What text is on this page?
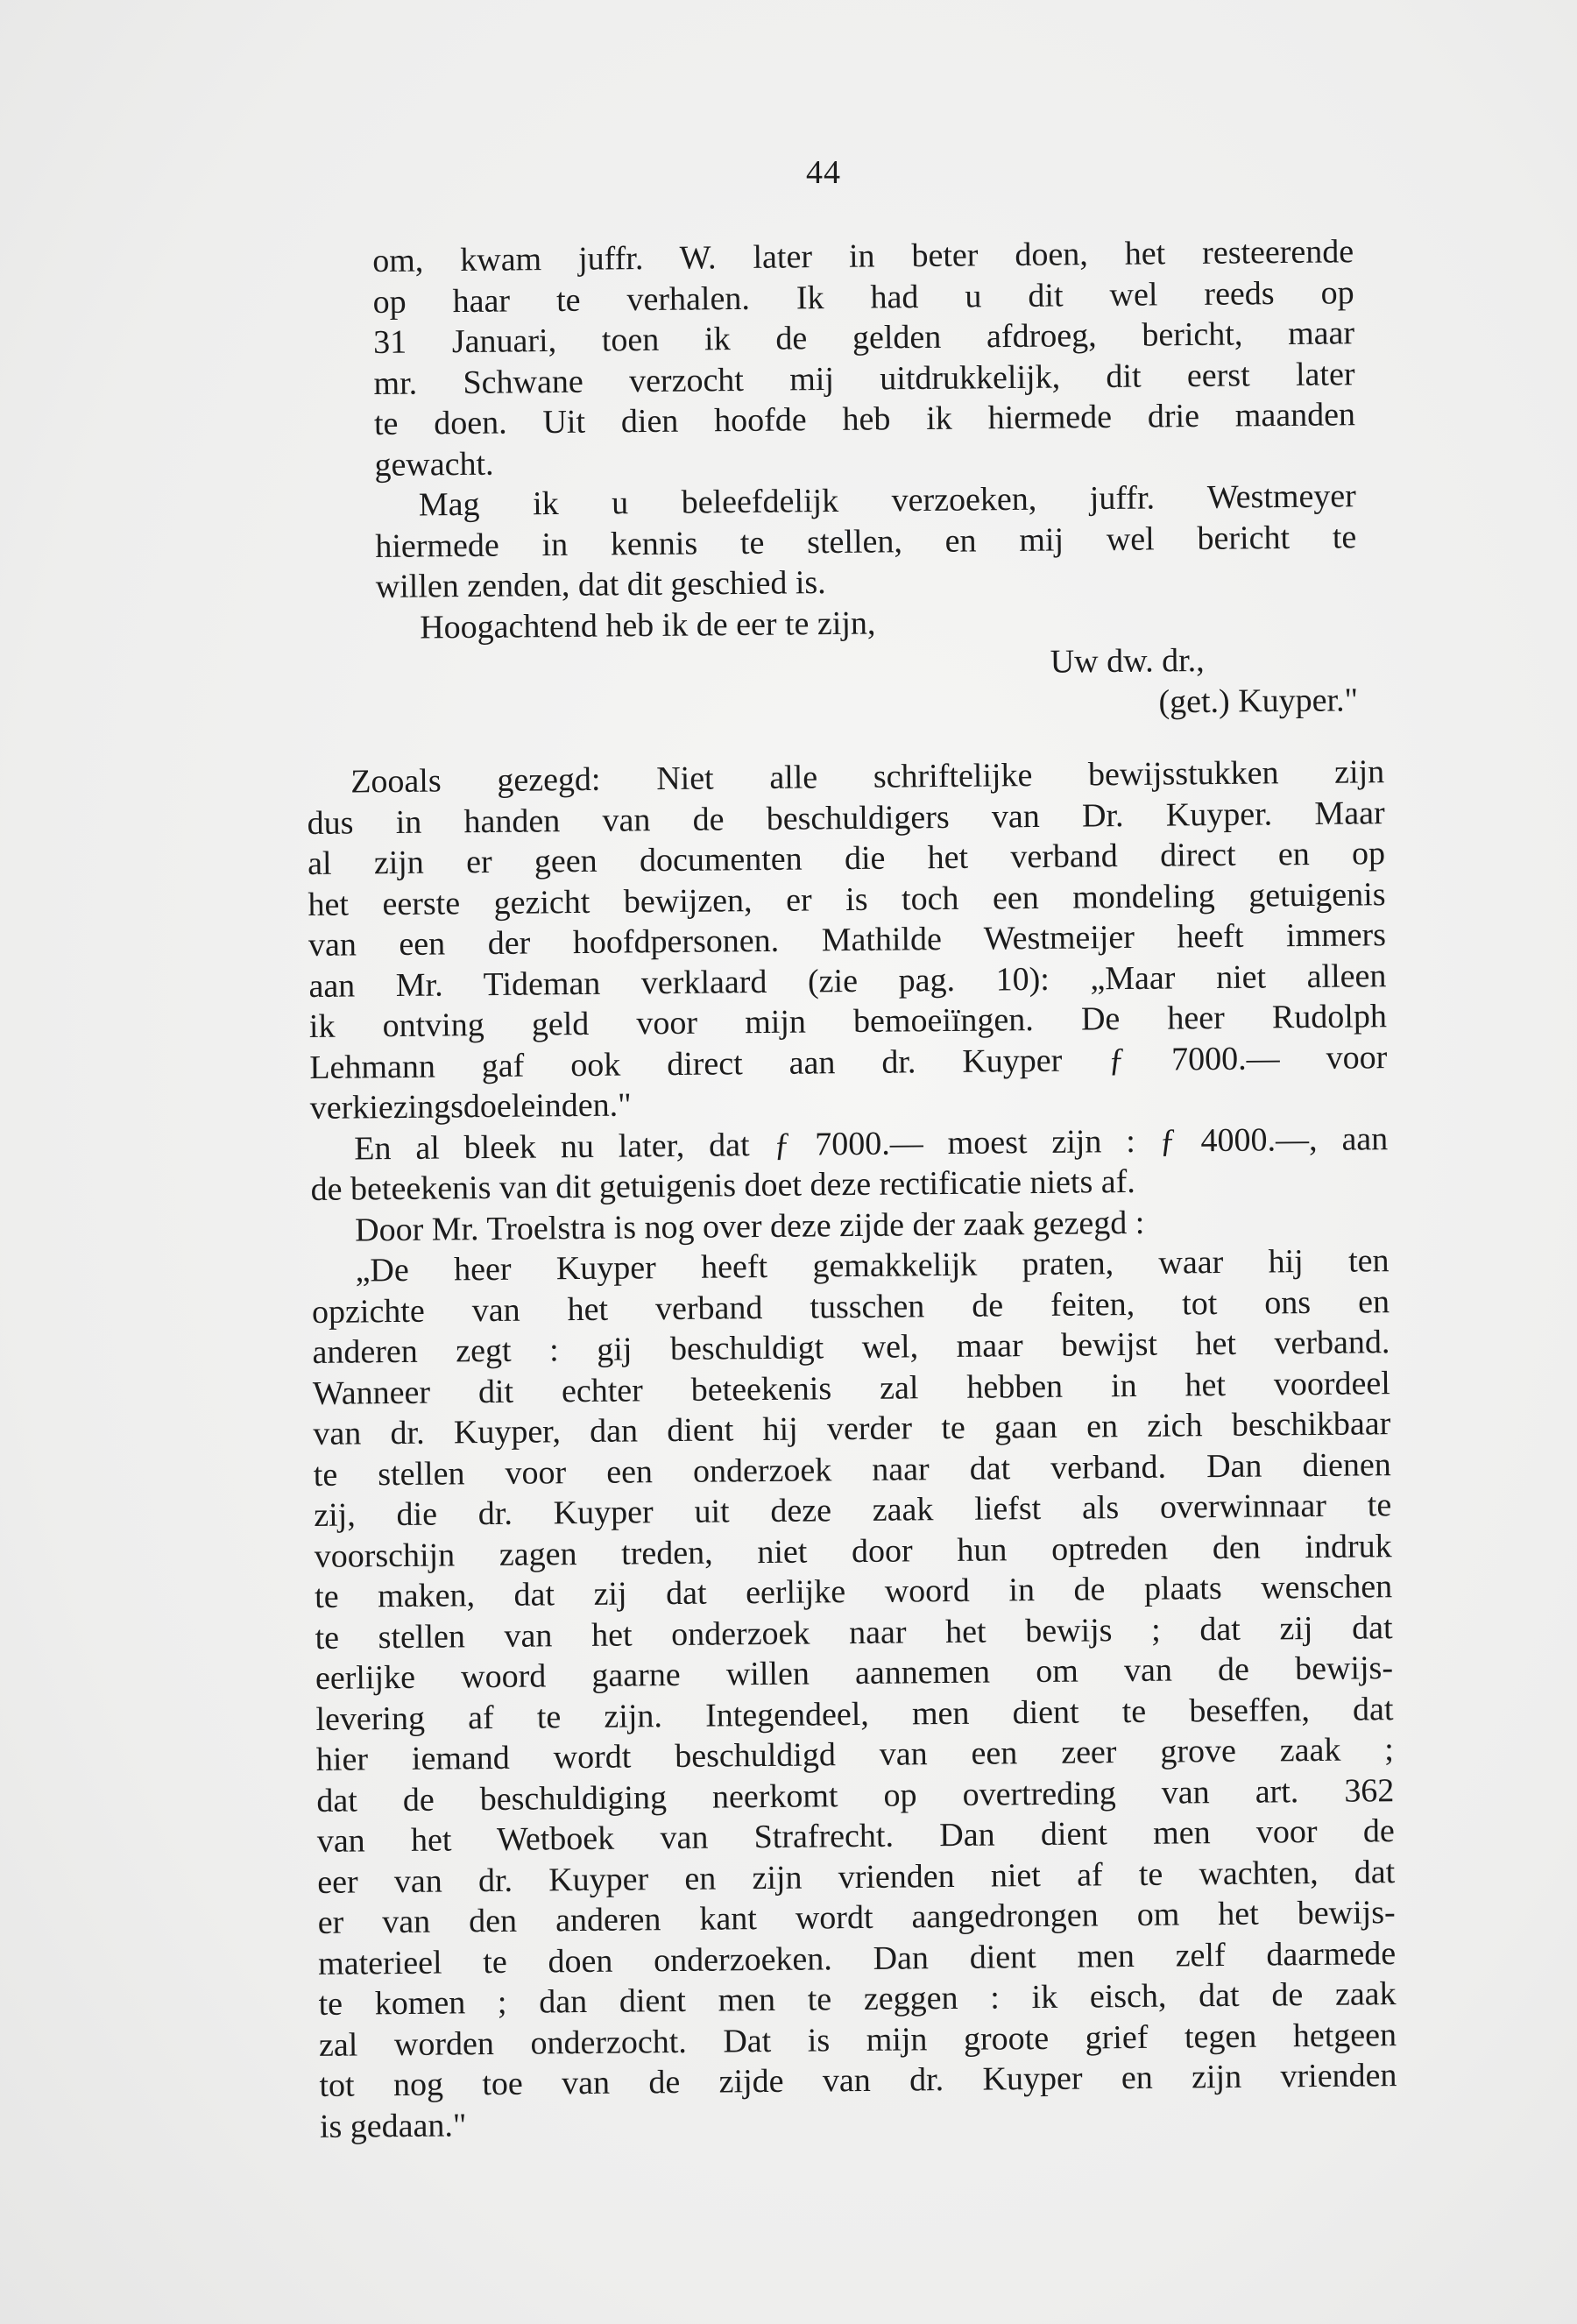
44
om, kwam juffr. W. later in beter doen, het resteerende
op haar te verhalen. Ik had u dit wel reeds op
31 Januari, toen ik de gelden afdroeg, bericht, maar
mr. Schwane verzocht mij uitdrukkelijk, dit eerst later
te doen. Uit dien hoofde heb ik hiermede drie maanden
gewacht.
Mag ik u beleefdelijk verzoeken, juffr. Westmeyer
hiermede in kennis te stellen, en mij wel bericht te
willen zenden, dat dit geschied is.
Hoogachtend heb ik de eer te zijn,
Uw dw. dr.,
(get.) Kuyper."
Zooals gezegd: Niet alle schriftelijke bewijsstukken zijn
dus in handen van de beschuldigers van Dr. Kuyper. Maar
al zijn er geen documenten die het verband direct en op
het eerste gezicht bewijzen, er is toch een mondeling getuigenis
van een der hoofdpersonen. Mathilde Westmeijer heeft immers
aan Mr. Tideman verklaard (zie pag. 10): „Maar niet alleen
ik ontving geld voor mijn bemoeiïngen. De heer Rudolph
Lehmann gaf ook direct aan dr. Kuyper ƒ 7000.— voor
verkiezingsdoeleinden."
En al bleek nu later, dat ƒ 7000.— moest zijn : ƒ 4000.—, aan
de beteekenis van dit getuigenis doet deze rectificatie niets af.
Door Mr. Troelstra is nog over deze zijde der zaak gezegd :
„De heer Kuyper heeft gemakkelijk praten, waar hij ten
opzichte van het verband tusschen de feiten, tot ons en
anderen zegt : gij beschuldigt wel, maar bewijst het verband.
Wanneer dit echter beteekenis zal hebben in het voordeel
van dr. Kuyper, dan dient hij verder te gaan en zich beschikbaar
te stellen voor een onderzoek naar dat verband. Dan dienen
zij, die dr. Kuyper uit deze zaak liefst als overwinnaar te
voorschijn zagen treden, niet door hun optreden den indruk
te maken, dat zij dat eerlijke woord in de plaats wenschen
te stellen van het onderzoek naar het bewijs ; dat zij dat
eerlijke woord gaarne willen aannemen om van de bewijs-
levering af te zijn. Integendeel, men dient te beseffen, dat
hier iemand wordt beschuldigd van een zeer grove zaak ;
dat de beschuldiging neerkomt op overtreding van art. 362
van het Wetboek van Strafrecht. Dan dient men voor de
eer van dr. Kuyper en zijn vrienden niet af te wachten, dat
er van den anderen kant wordt aangedrongen om het bewijs-
materieel te doen onderzoeken. Dan dient men zelf daarmede
te komen ; dan dient men te zeggen : ik eisch, dat de zaak
zal worden onderzocht. Dat is mijn groote grief tegen hetgeen
tot nog toe van de zijde van dr. Kuyper en zijn vrienden
is gedaan."
